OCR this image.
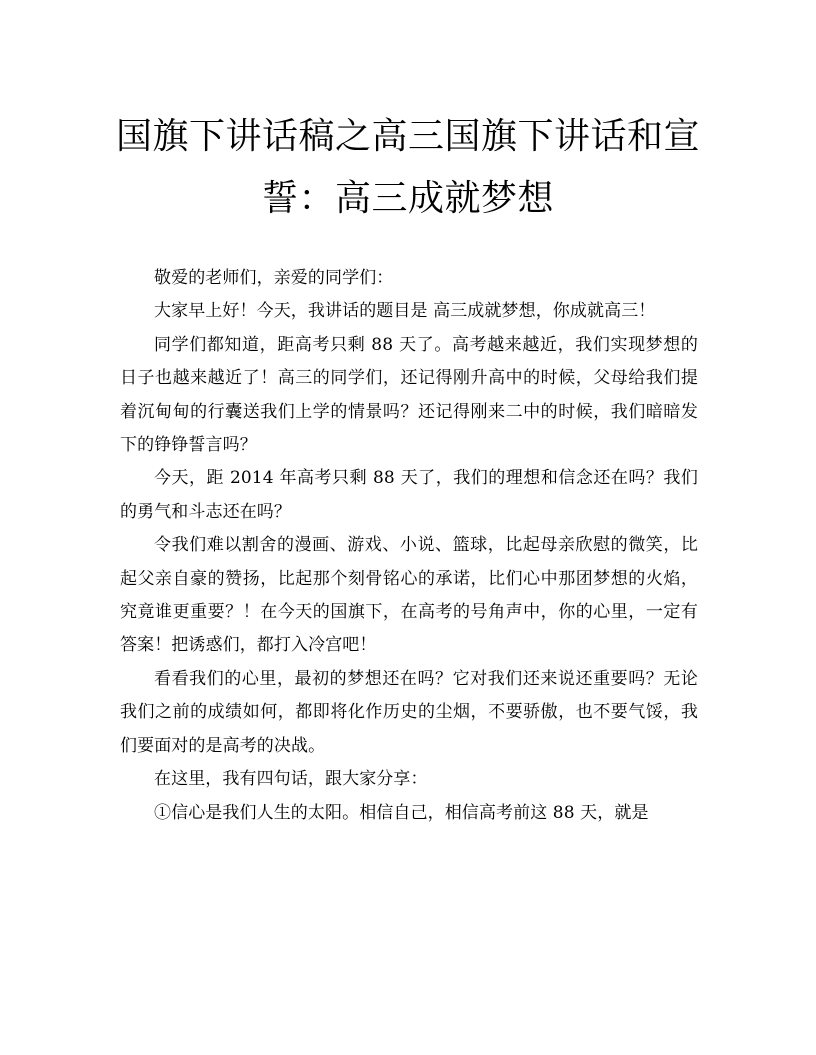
国旗下讲话稿之高三国旗下讲话和宣
誓：高三成就梦想

敬爱的老师们，亲爱的同学们：

大家早上好！今天，我讲话的题目是 高三成就梦想，你成就高三！

同学们都知道，距高考只剩 88 天了。高考越来越近，我们实现梦想的日子也越来越近了！高三的同学们，还记得刚升高中的时候，父母给我们提着沉甸甸的行囊送我们上学的情景吗？还记得刚来二中的时候，我们暗暗发下的铮铮誓言吗？

今天，距 2014 年高考只剩 88 天了，我们的理想和信念还在吗？我们的勇气和斗志还在吗？

令我们难以割舍的漫画、游戏、小说、篮球，比起母亲欣慰的微笑，比起父亲自豪的赞扬，比起那个刻骨铭心的承诺，比们心中那团梦想的火焰，究竟谁更重要？！在今天的国旗下，在高考的号角声中，你的心里，一定有答案！把诱惑们，都打入冷宫吧！

看看我们的心里，最初的梦想还在吗？它对我们还来说还重要吗？无论我们之前的成绩如何，都即将化作历史的尘烟，不要骄傲，也不要气馁，我们要面对的是高考的决战。

在这里，我有四句话，跟大家分享：

①信心是我们人生的太阳。相信自己，相信高考前这 88 天，就是
